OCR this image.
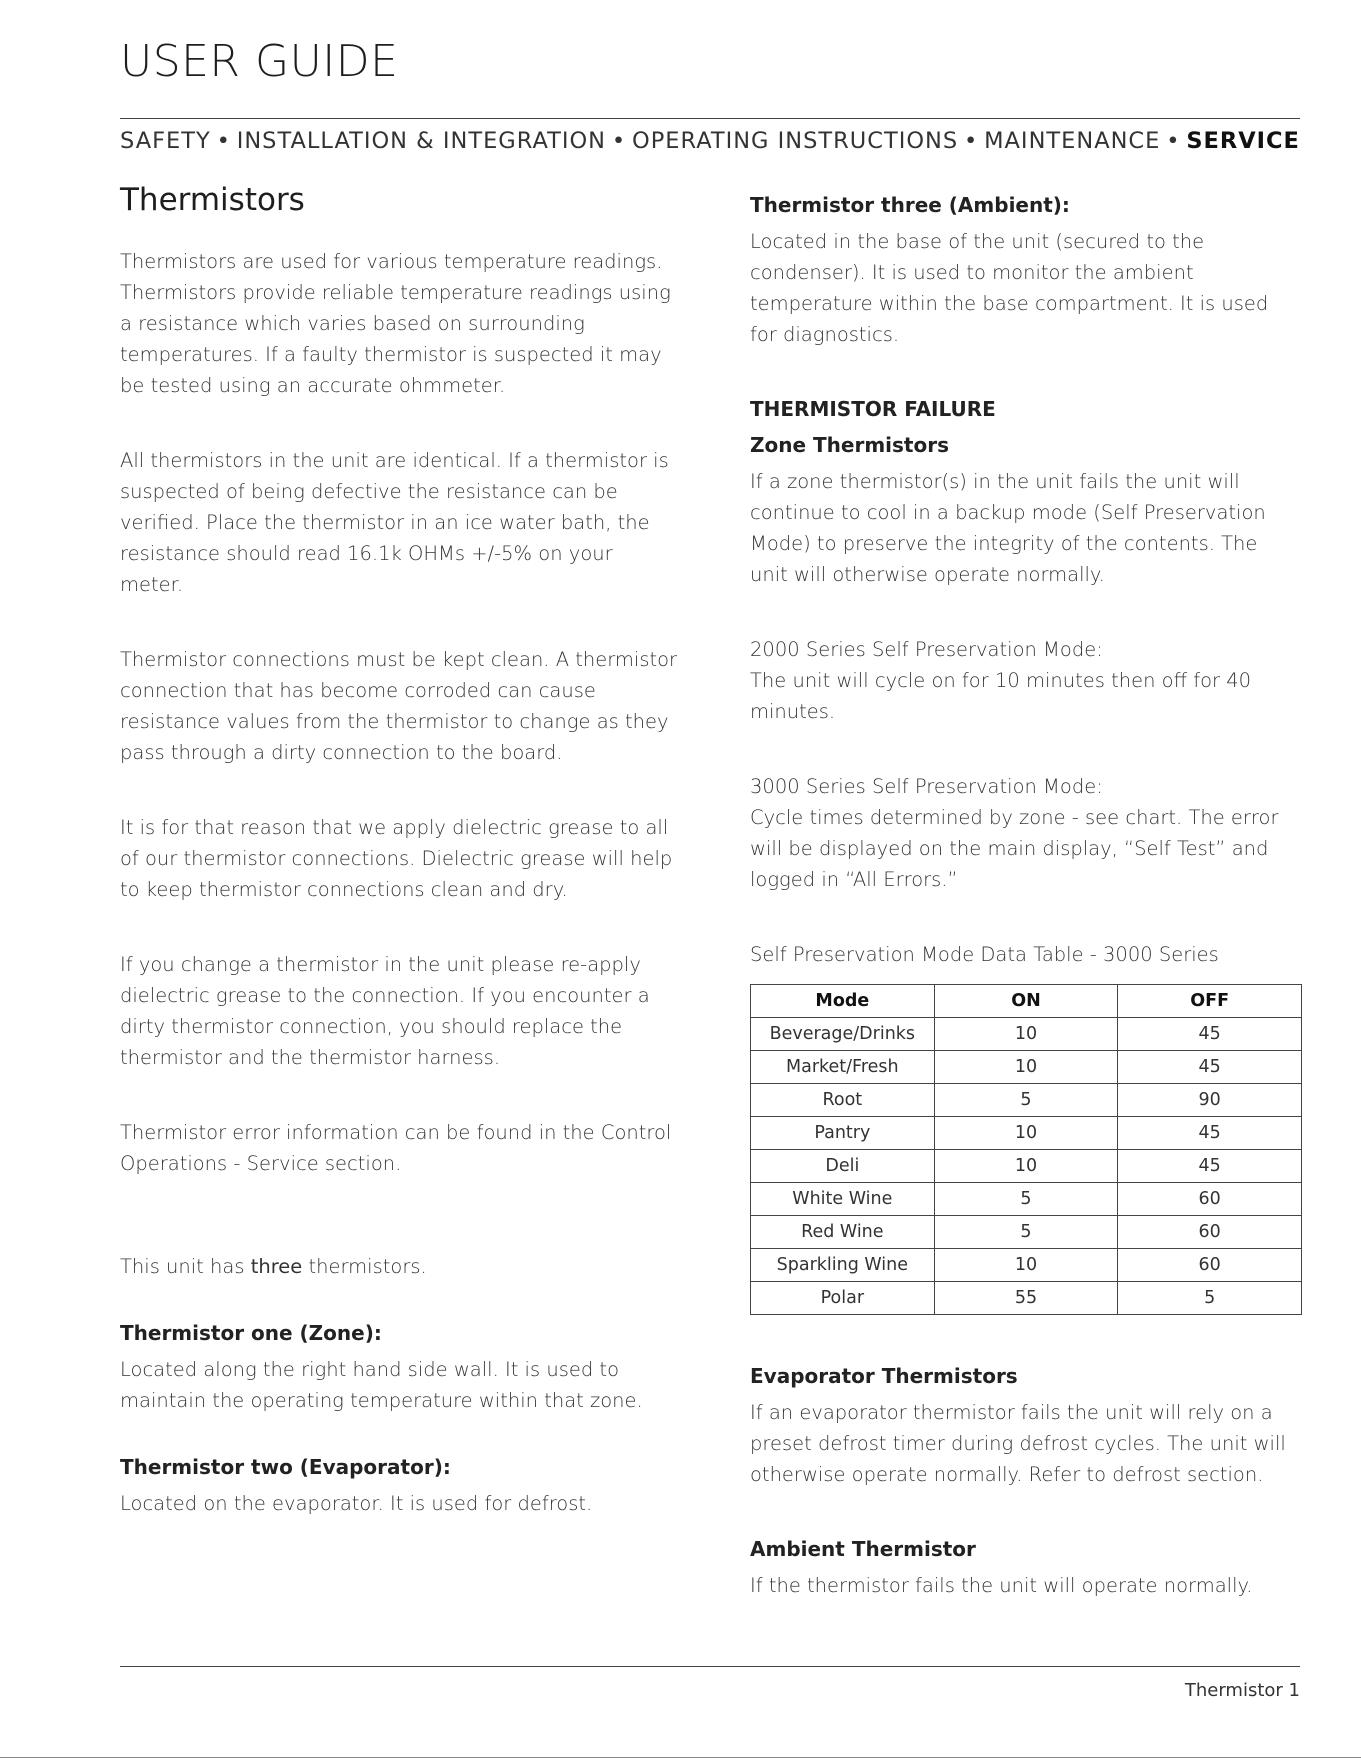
USER GUIDE
SAFETY • INSTALLATION & INTEGRATION • OPERATING INSTRUCTIONS • MAINTENANCE • SERVICE
Thermistors

Thermistors are used for various temperature readings. Thermistors provide reliable temperature readings using a resistance which varies based on surrounding temperatures. If a faulty thermistor is suspected it may be tested using an accurate ohmmeter.

All thermistors in the unit are identical. If a thermistor is suspected of being defective the resistance can be verified. Place the thermistor in an ice water bath, the resistance should read 16.1k OHMs +/-5% on your meter.

Thermistor connections must be kept clean. A thermistor connection that has become corroded can cause resistance values from the thermistor to change as they pass through a dirty connection to the board.

It is for that reason that we apply dielectric grease to all of our thermistor connections. Dielectric grease will help to keep thermistor connections clean and dry.

If you change a thermistor in the unit please re-apply dielectric grease to the connection. If you encounter a dirty thermistor connection, you should replace the thermistor and the thermistor harness.

Thermistor error information can be found in the Control Operations - Service section.

This unit has three thermistors.

Thermistor one (Zone):

Located along the right hand side wall. It is used to maintain the operating temperature within that zone.

Thermistor two (Evaporator):

Located on the evaporator. It is used for defrost.

Thermistor three (Ambient):

Located in the base of the unit (secured to the condenser). It is used to monitor the ambient temperature within the base compartment. It is used for diagnostics.

THERMISTOR FAILURE
Zone Thermistors

If a zone thermistor(s) in the unit fails the unit will continue to cool in a backup mode (Self Preservation Mode) to preserve the integrity of the contents. The unit will otherwise operate normally.

2000 Series Self Preservation Mode:

The unit will cycle on for 10 minutes then off for 40 minutes.

3000 Series Self Preservation Mode:

Cycle times determined by zone - see chart. The error will be displayed on the main display, “Self Test” and logged in “All Errors.”

Self Preservation Mode Data Table - 3000 Series

Mode	ON	OFF
Beverage/Drinks	10	45
Market/Fresh	10	45
Root	5	90
Pantry	10	45
Deli	10	45
White Wine	5	60
Red Wine	5	60
Sparkling Wine	10	60
Polar	55	5
Evaporator Thermistors

If an evaporator thermistor fails the unit will rely on a preset defrost timer during defrost cycles. The unit will otherwise operate normally. Refer to defrost section.

Ambient Thermistor

If the thermistor fails the unit will operate normally.

Thermistor 1
